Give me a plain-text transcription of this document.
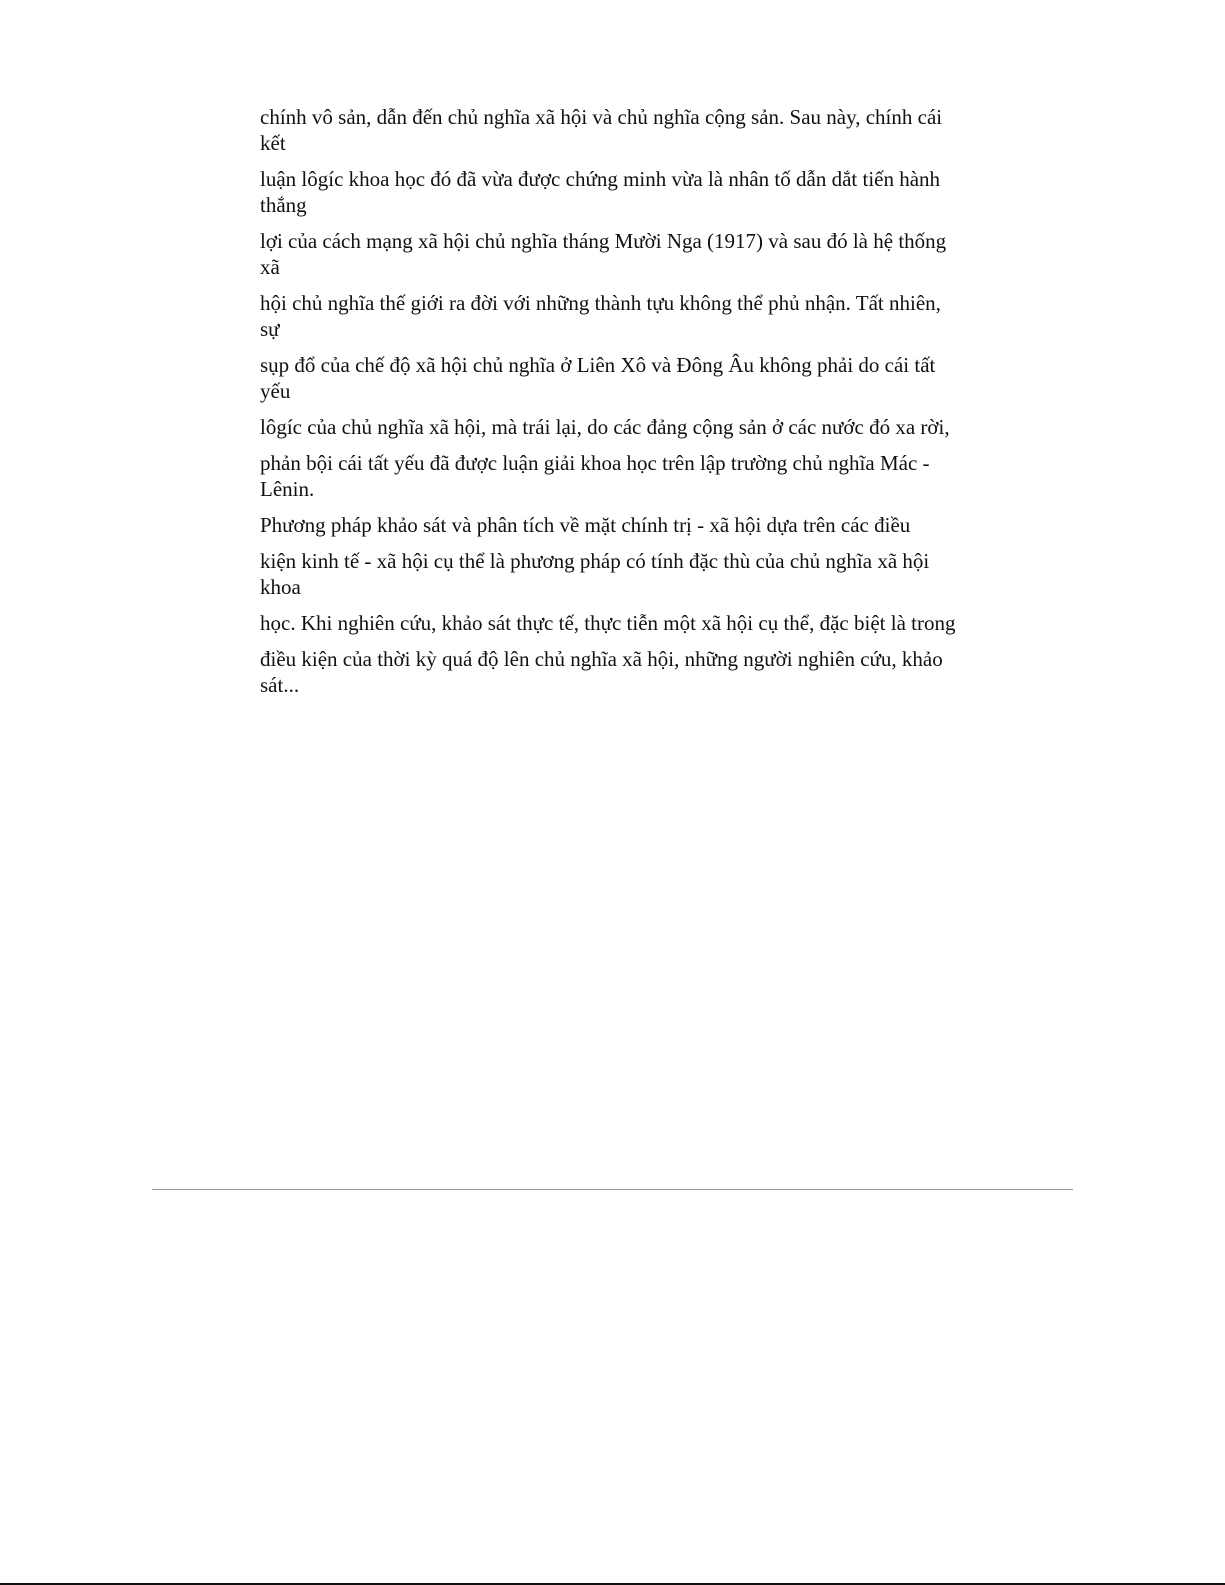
chính vô sản, dẫn đến chủ nghĩa xã hội và chủ nghĩa cộng sản. Sau này, chính cái kết

luận lôgíc khoa học đó đã vừa được chứng minh vừa là nhân tố dẫn dắt tiến hành thắng

lợi của cách mạng xã hội chủ nghĩa tháng Mười Nga (1917) và sau đó là hệ thống xã

hội chủ nghĩa thế giới ra đời với những thành tựu không thể phủ nhận. Tất nhiên, sự

sụp đổ của chế độ xã hội chủ nghĩa ở Liên Xô và Đông Âu không phải do cái tất yếu

lôgíc của chủ nghĩa xã hội, mà trái lại, do các đảng cộng sản ở các nước đó xa rời,

phản bội cái tất yếu đã được luận giải khoa học trên lập trường chủ nghĩa Mác - Lênin.

Phương pháp khảo sát và phân tích về mặt chính trị - xã hội dựa trên các điều

kiện kinh tế - xã hội cụ thể là phương pháp có tính đặc thù của chủ nghĩa xã hội khoa

học. Khi nghiên cứu, khảo sát thực tế, thực tiễn một xã hội cụ thể, đặc biệt là trong

điều kiện của thời kỳ quá độ lên chủ nghĩa xã hội, những người nghiên cứu, khảo sát...
